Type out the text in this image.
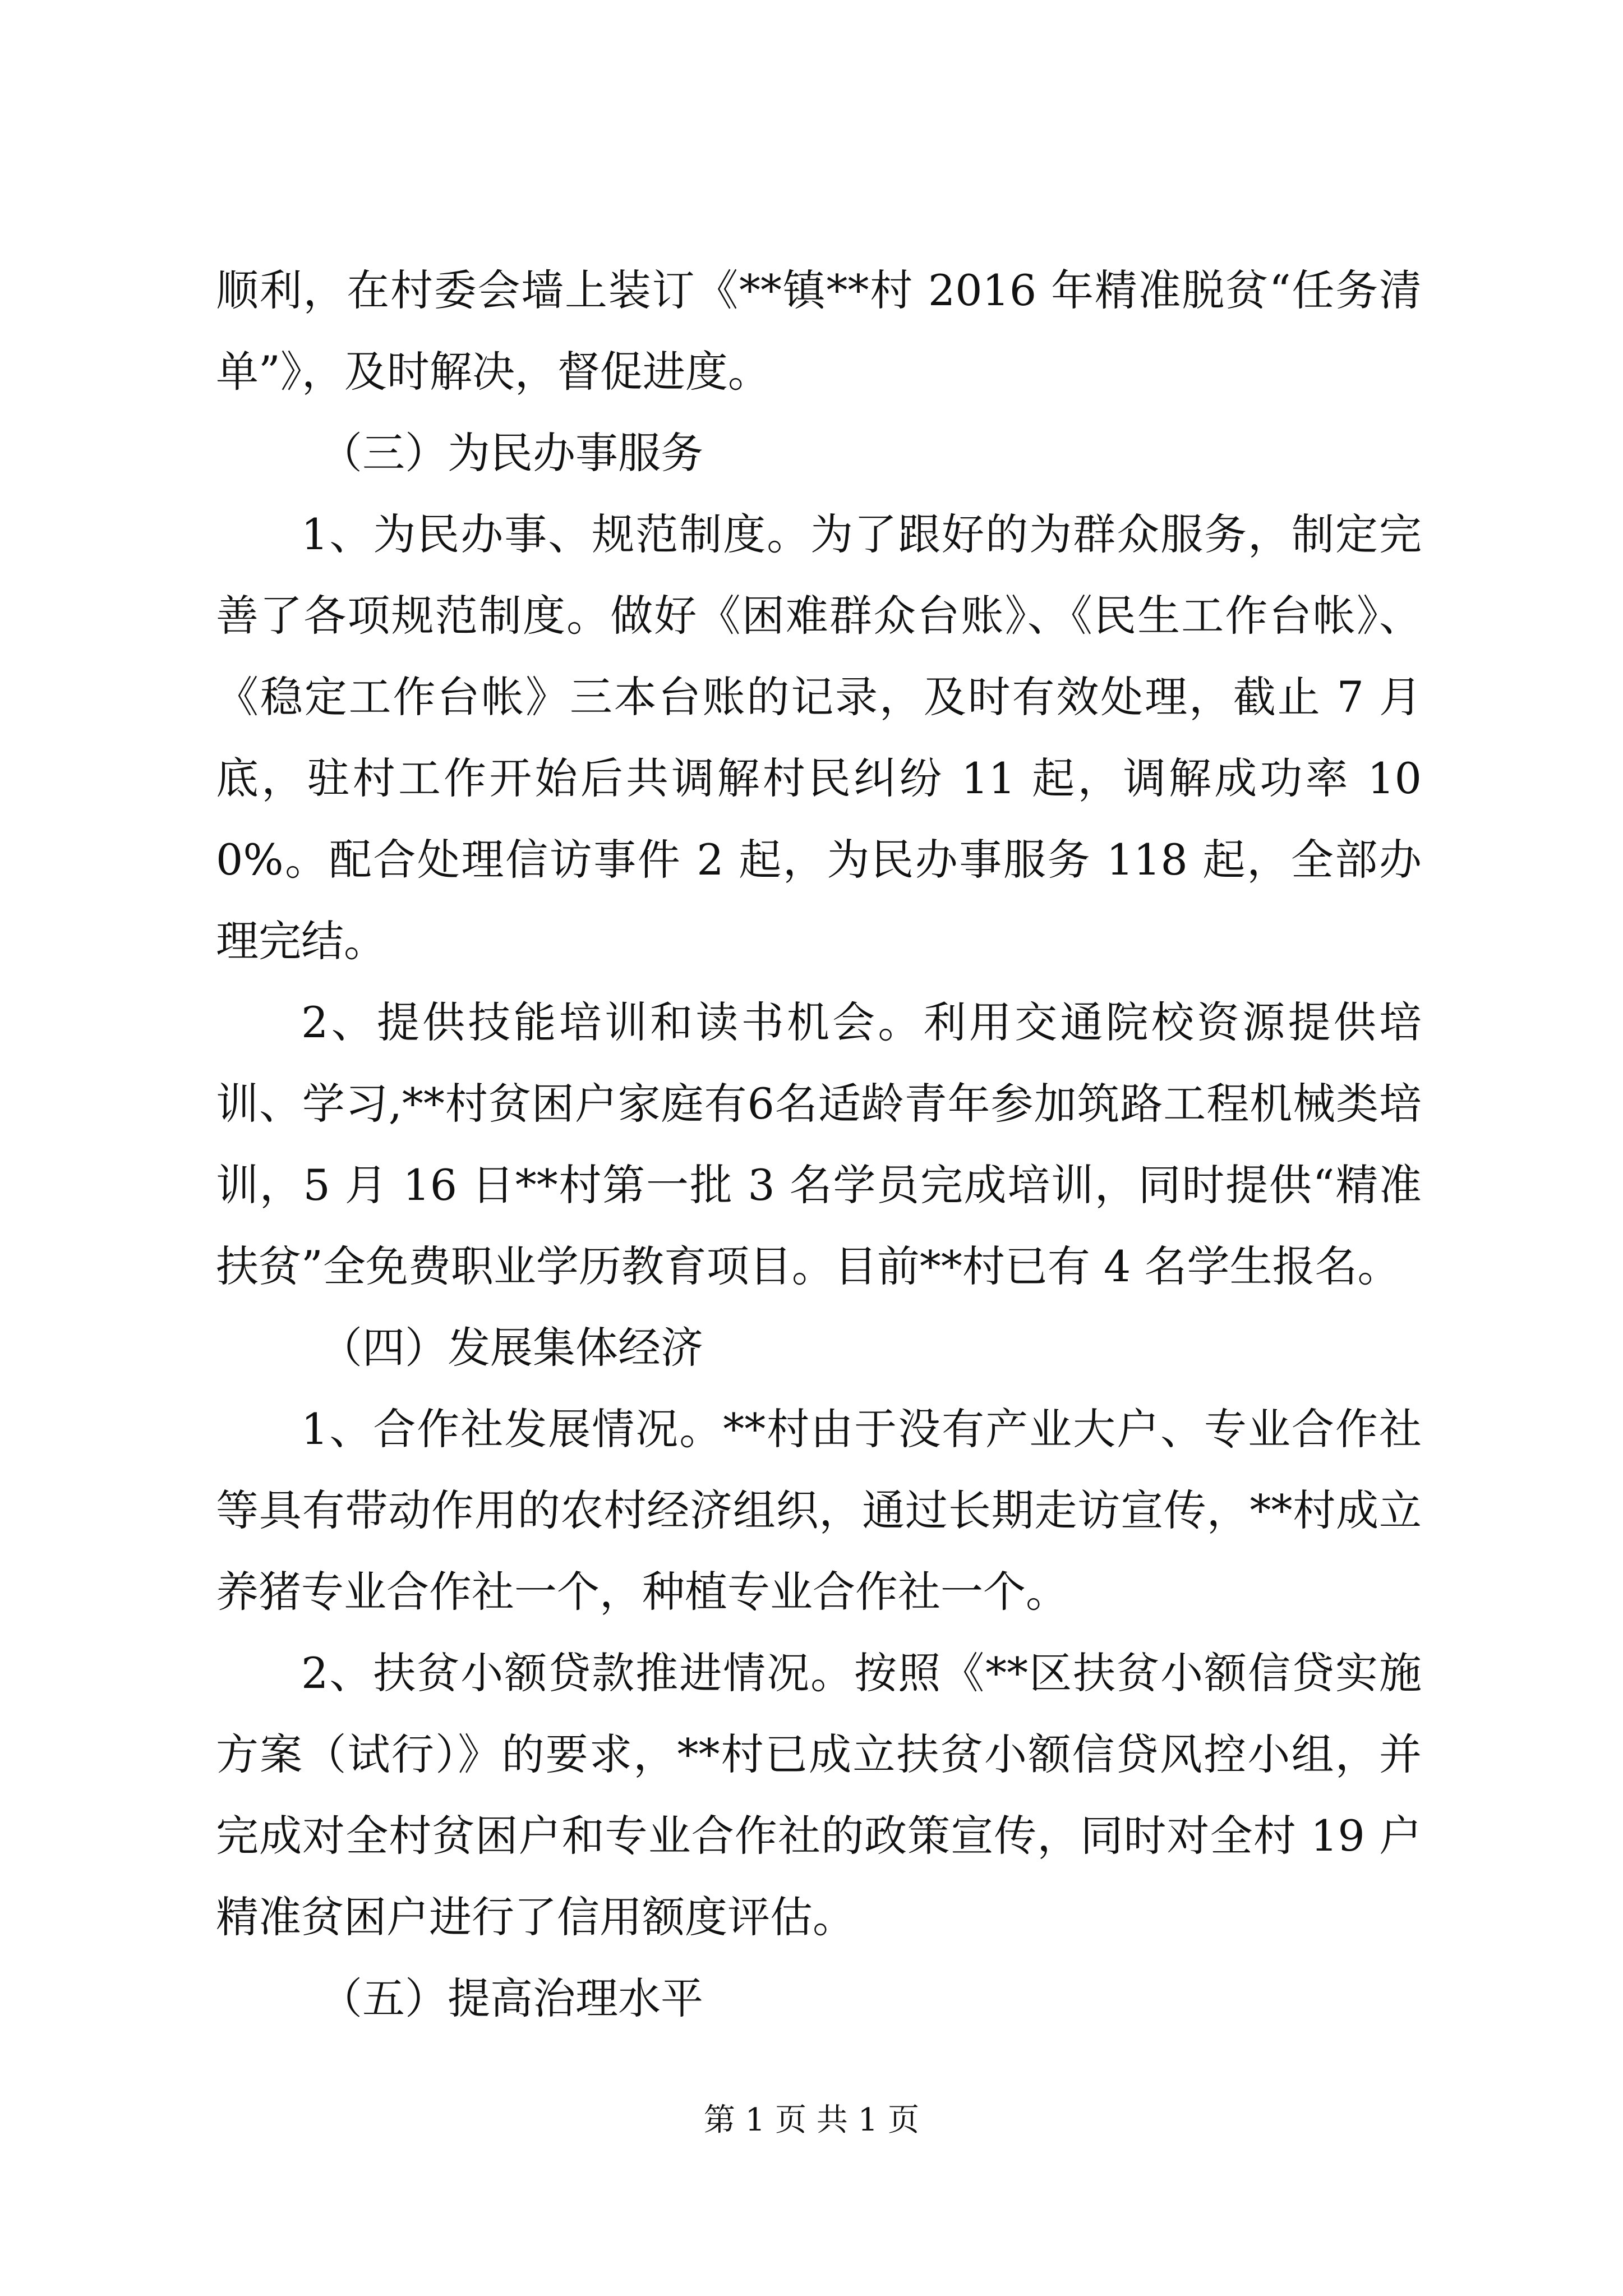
顺利，在村委会墙上装订《**镇**村 2016 年精准脱贫“任务清单”》，及时解决，督促进度。

（三）为民办事服务

1、为民办事、规范制度。为了跟好的为群众服务，制定完善了各项规范制度。做好《困难群众台账》、《民生工作台帐》、《稳定工作台帐》三本台账的记录，及时有效处理，截止 7 月底，驻村工作开始后共调解村民纠纷 11 起，调解成功率 100%。配合处理信访事件 2 起，为民办事服务 118 起，全部办理完结。

2、提供技能培训和读书机会。利用交通院校资源提供培训、学习,**村贫困户家庭有6名适龄青年参加筑路工程机械类培训，5 月 16 日**村第一批 3 名学员完成培训，同时提供“精准扶贫”全免费职业学历教育项目。目前**村已有 4 名学生报名。

（四）发展集体经济

1、合作社发展情况。**村由于没有产业大户、专业合作社等具有带动作用的农村经济组织，通过长期走访宣传，**村成立养猪专业合作社一个，种植专业合作社一个。

2、扶贫小额贷款推进情况。按照《**区扶贫小额信贷实施方案（试行）》的要求，**村已成立扶贫小额信贷风控小组，并完成对全村贫困户和专业合作社的政策宣传，同时对全村 19 户精准贫困户进行了信用额度评估。

（五）提高治理水平

第 1 页 共 1 页
